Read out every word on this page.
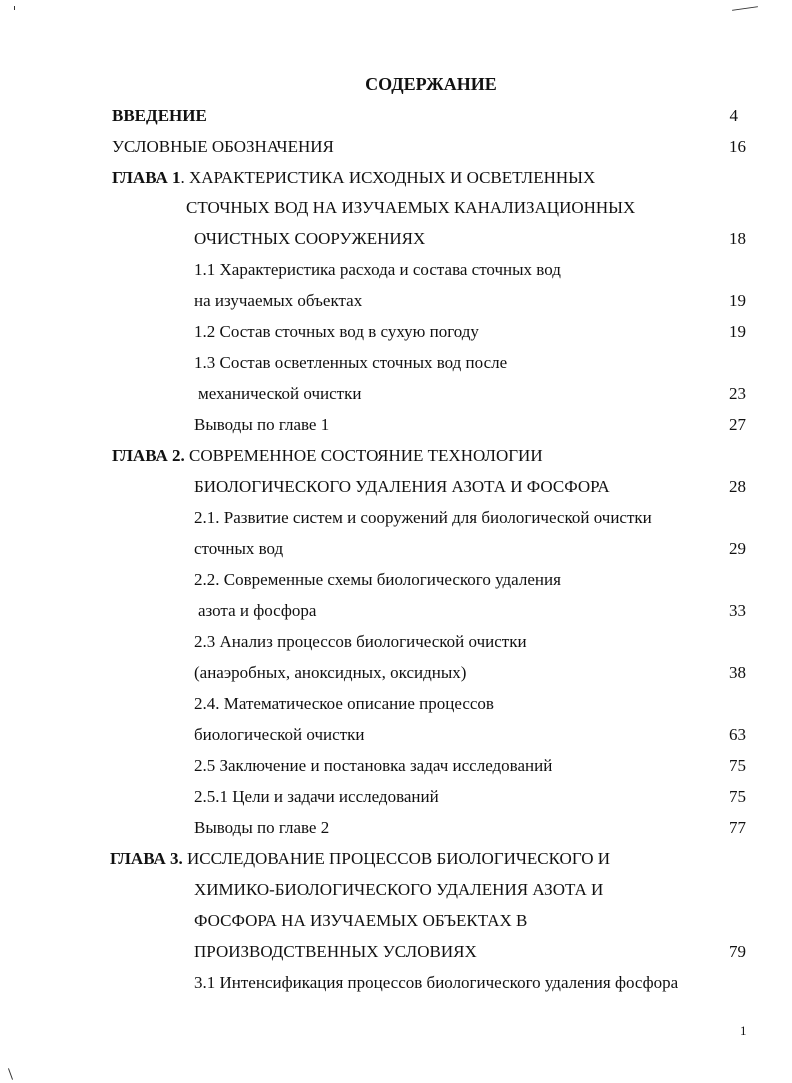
СОДЕРЖАНИЕ
ВВЕДЕНИЕ	4
УСЛОВНЫЕ ОБОЗНАЧЕНИЯ	16
ГЛАВА 1. ХАРАКТЕРИСТИКА ИСХОДНЫХ И ОСВЕТЛЕННЫХ
СТОЧНЫХ ВОД НА ИЗУЧАЕМЫХ КАНАЛИЗАЦИОННЫХ
ОЧИСТНЫХ СООРУЖЕНИЯХ	18
1.1 Характеристика расхода и состава сточных вод
на изучаемых объектах	19
1.2 Состав сточных вод в сухую погоду	19
1.3 Состав осветленных сточных вод после
механической очистки	23
Выводы по главе 1	27
ГЛАВА 2. СОВРЕМЕННОЕ СОСТОЯНИЕ ТЕХНОЛОГИИ
БИОЛОГИЧЕСКОГО УДАЛЕНИЯ АЗОТА И ФОСФОРА	28
2.1. Развитие систем и сооружений для биологической очистки
сточных вод	29
2.2. Современные схемы биологического удаления
азота и фосфора	33
2.3 Анализ процессов биологической очистки
(анаэробных, аноксидных, оксидных)	38
2.4. Математическое описание процессов
биологической очистки	63
2.5 Заключение и постановка задач исследований	75
2.5.1 Цели и задачи исследований	75
Выводы по главе 2	77
ГЛАВА 3. ИССЛЕДОВАНИЕ ПРОЦЕССОВ БИОЛОГИЧЕСКОГО И
ХИМИКО-БИОЛОГИЧЕСКОГО УДАЛЕНИЯ АЗОТА И
ФОСФОРА НА ИЗУЧАЕМЫХ ОБЪЕКТАХ В
ПРОИЗВОДСТВЕННЫХ УСЛОВИЯХ	79
3.1 Интенсификация процессов биологического удаления фосфора
1
